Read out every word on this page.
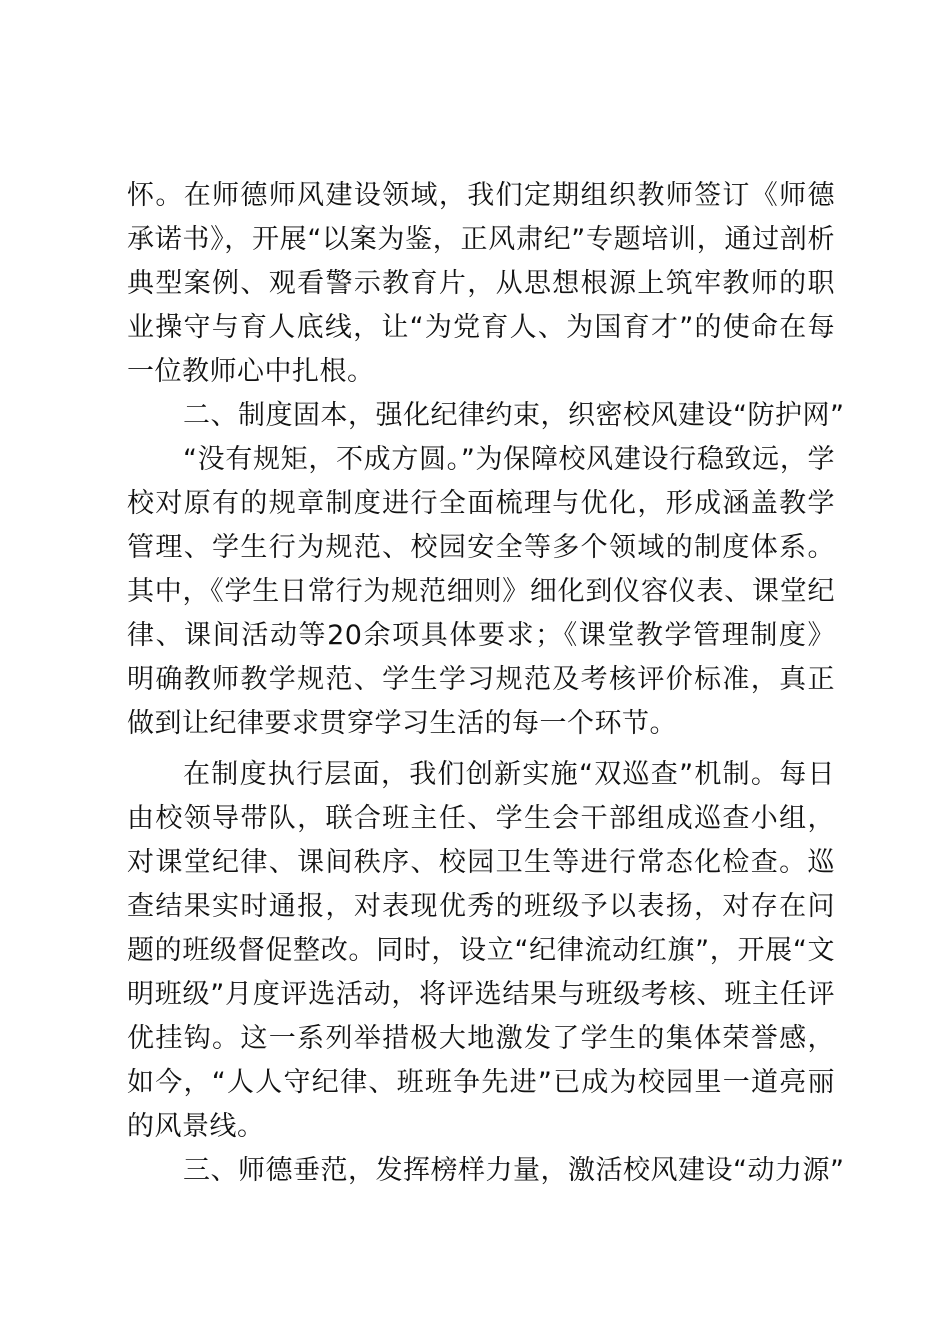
怀。在师德师风建设领域，我们定期组织教师签订《师德承诺书》，开展“以案为鉴，正风肃纪”专题培训，通过剖析典型案例、观看警示教育片，从思想根源上筑牢教师的职业操守与育人底线，让“为党育人、为国育才”的使命在每一位教师心中扎根。

二、制度固本，强化纪律约束，织密校风建设“防护网”

“没有规矩，不成方圆。”为保障校风建设行稳致远，学校对原有的规章制度进行全面梳理与优化，形成涵盖教学管理、学生行为规范、校园安全等多个领域的制度体系。其中，《学生日常行为规范细则》细化到仪容仪表、课堂纪律、课间活动等20余项具体要求；《课堂教学管理制度》明确教师教学规范、学生学习规范及考核评价标准，真正做到让纪律要求贯穿学习生活的每一个环节。

在制度执行层面，我们创新实施“双巡查”机制。每日由校领导带队，联合班主任、学生会干部组成巡查小组，对课堂纪律、课间秩序、校园卫生等进行常态化检查。巡查结果实时通报，对表现优秀的班级予以表扬，对存在问题的班级督促整改。同时，设立“纪律流动红旗”，开展“文明班级”月度评选活动，将评选结果与班级考核、班主任评优挂钩。这一系列举措极大地激发了学生的集体荣誉感，如今，“人人守纪律、班班争先进”已成为校园里一道亮丽的风景线。

三、师德垂范，发挥榜样力量，激活校风建设“动力源”
